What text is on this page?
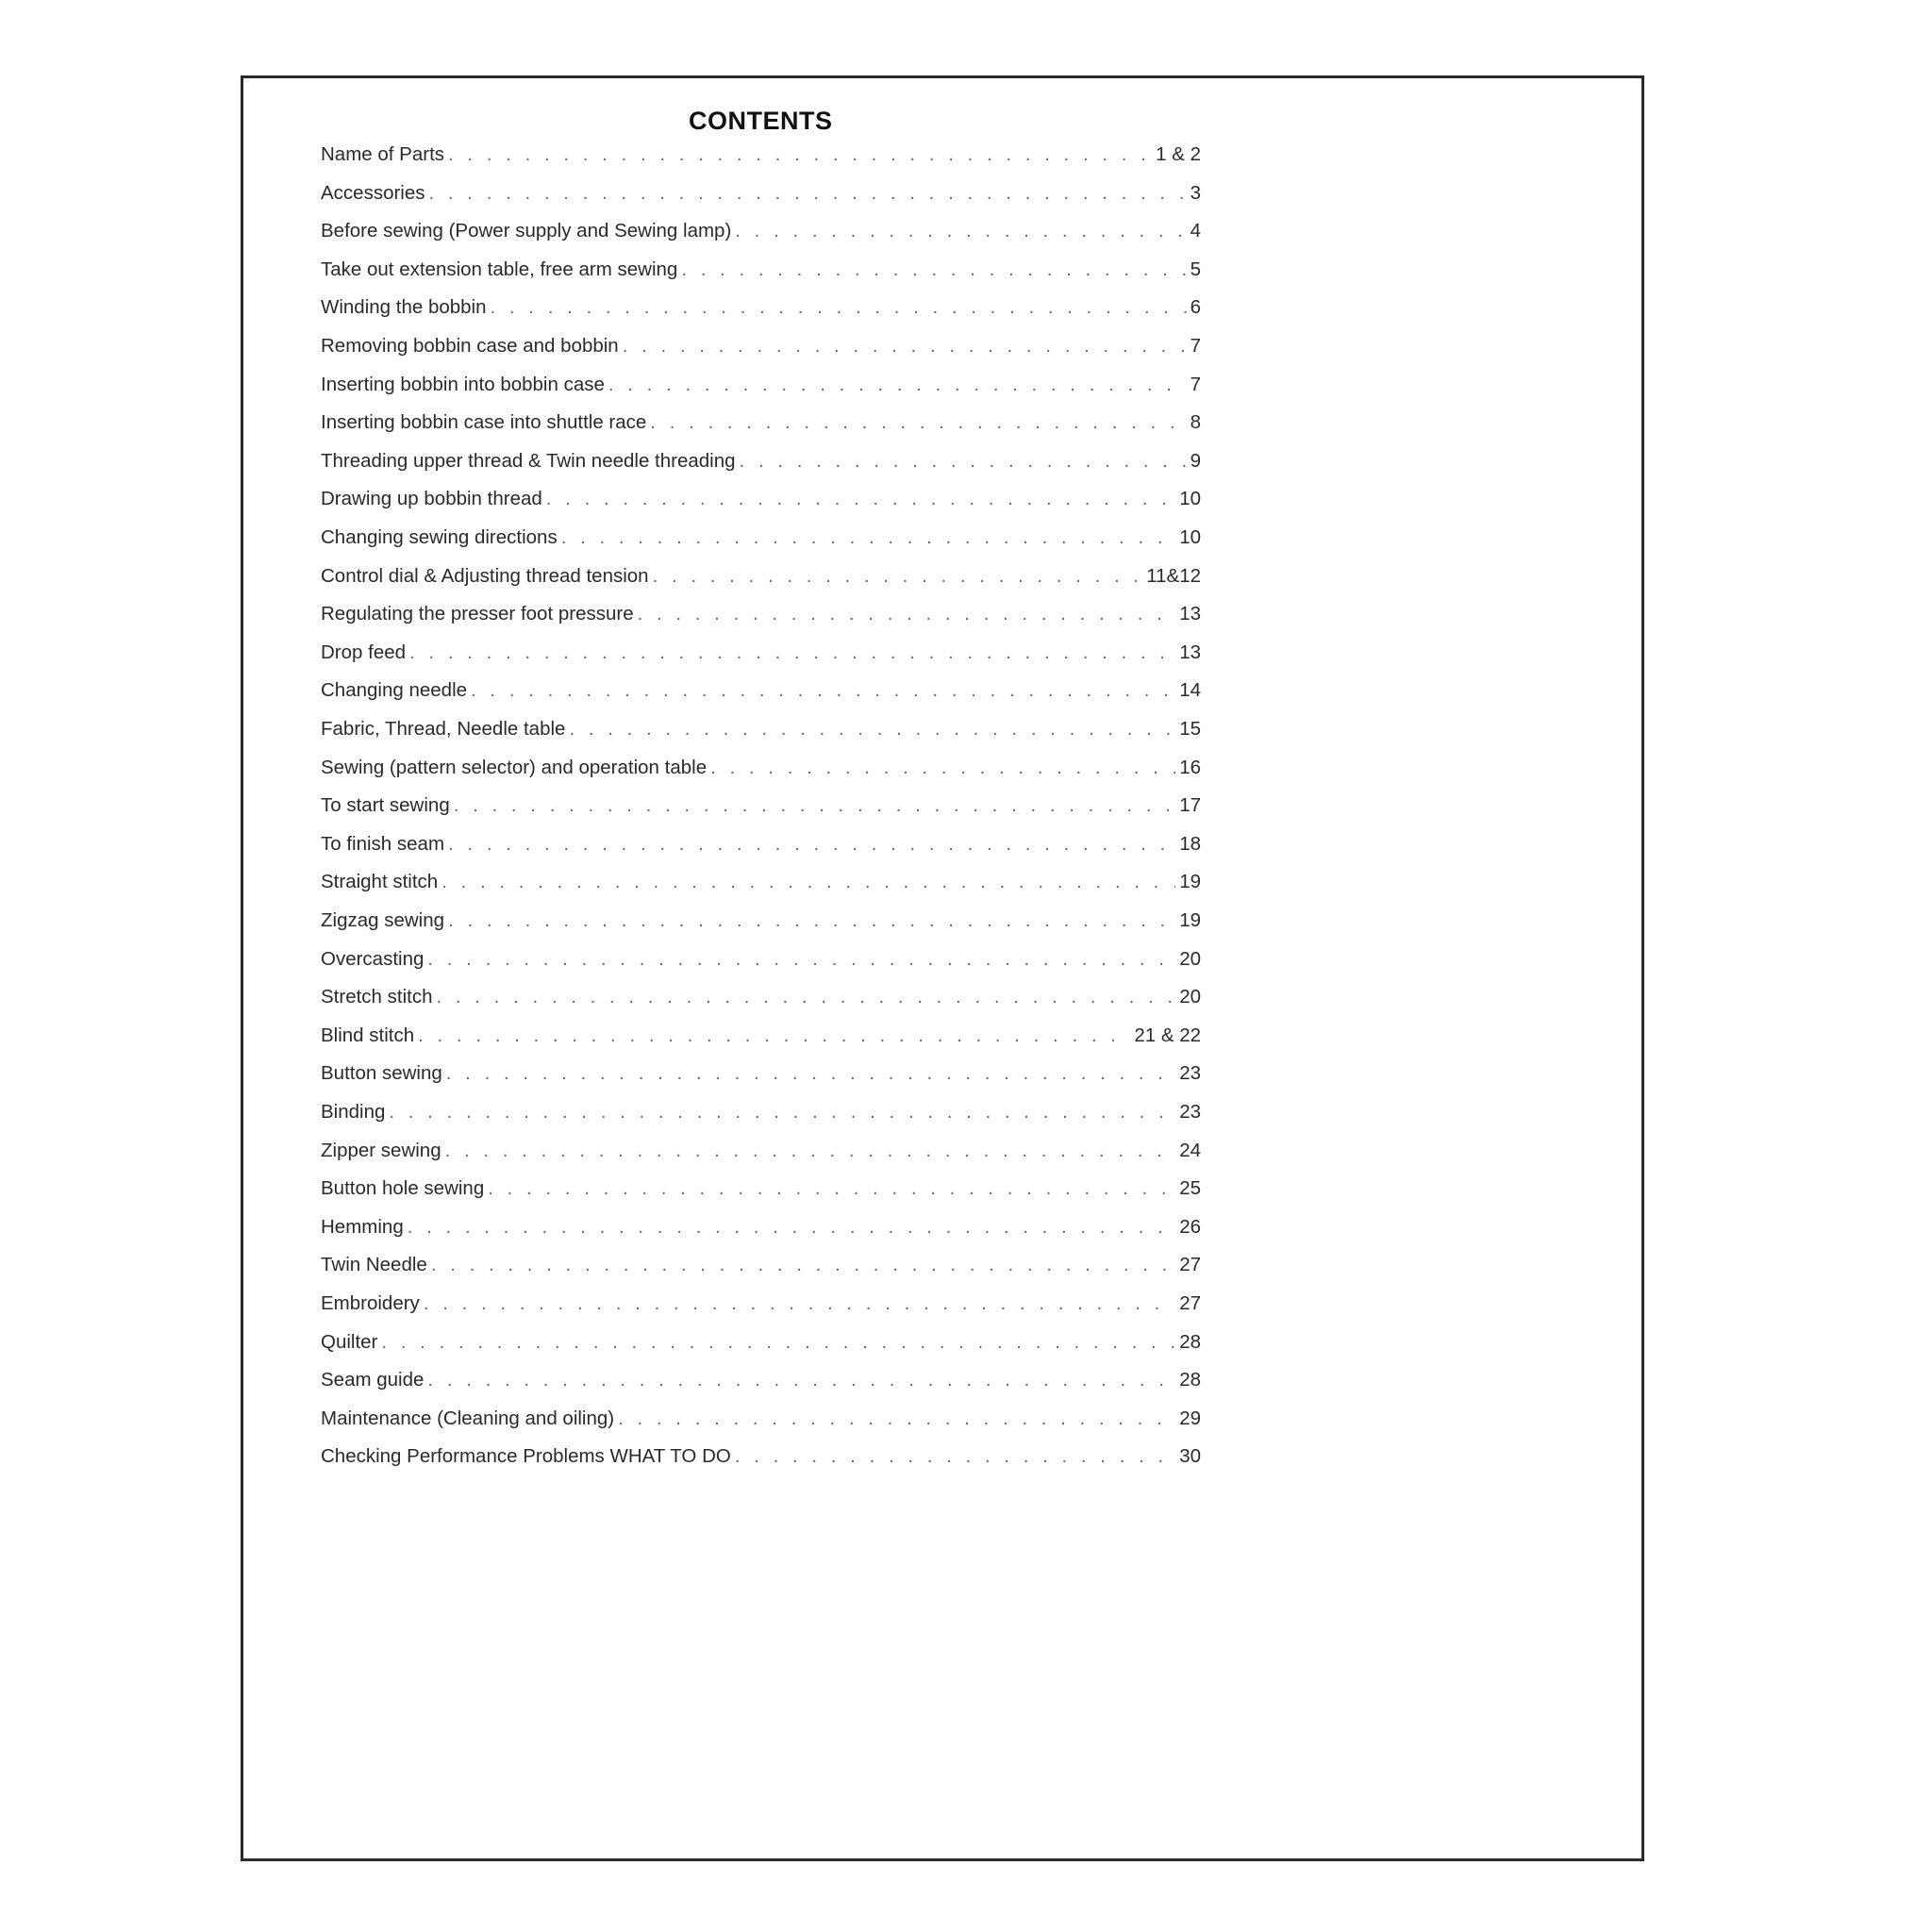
CONTENTS
Name of Parts . . .	1 & 2
Accessories . . .	3
Before sewing (Power supply and Sewing lamp) . . .	4
Take out extension table, free arm sewing . . .	5
Winding the bobbin . . .	6
Removing bobbin case and bobbin . . .	7
Inserting bobbin into bobbin case . . .	7
Inserting bobbin case into shuttle race . . .	8
Threading upper thread & Twin needle threading . . .	9
Drawing up bobbin thread . . .	10
Changing sewing directions . . .	10
Control dial & Adjusting thread tension . . .	11&12
Regulating the presser foot pressure . . .	13
Drop feed . . .	13
Changing needle . . .	14
Fabric, Thread, Needle table . . .	15
Sewing (pattern selector) and operation table . . .	16
To start sewing . . .	17
To finish seam . . .	18
Straight stitch . . .	19
Zigzag sewing . . .	19
Overcasting . . .	20
Stretch stitch . . .	20
Blind stitch . . .	21 & 22
Button sewing . . .	23
Binding . . .	23
Zipper sewing . . .	24
Button hole sewing . . .	25
Hemming . . .	26
Twin Needle . . .	27
Embroidery . . .	27
Quilter . . .	28
Seam guide . . .	28
Maintenance (Cleaning and oiling) . . .	29
Checking Performance Problems WHAT TO DO . . .	30
